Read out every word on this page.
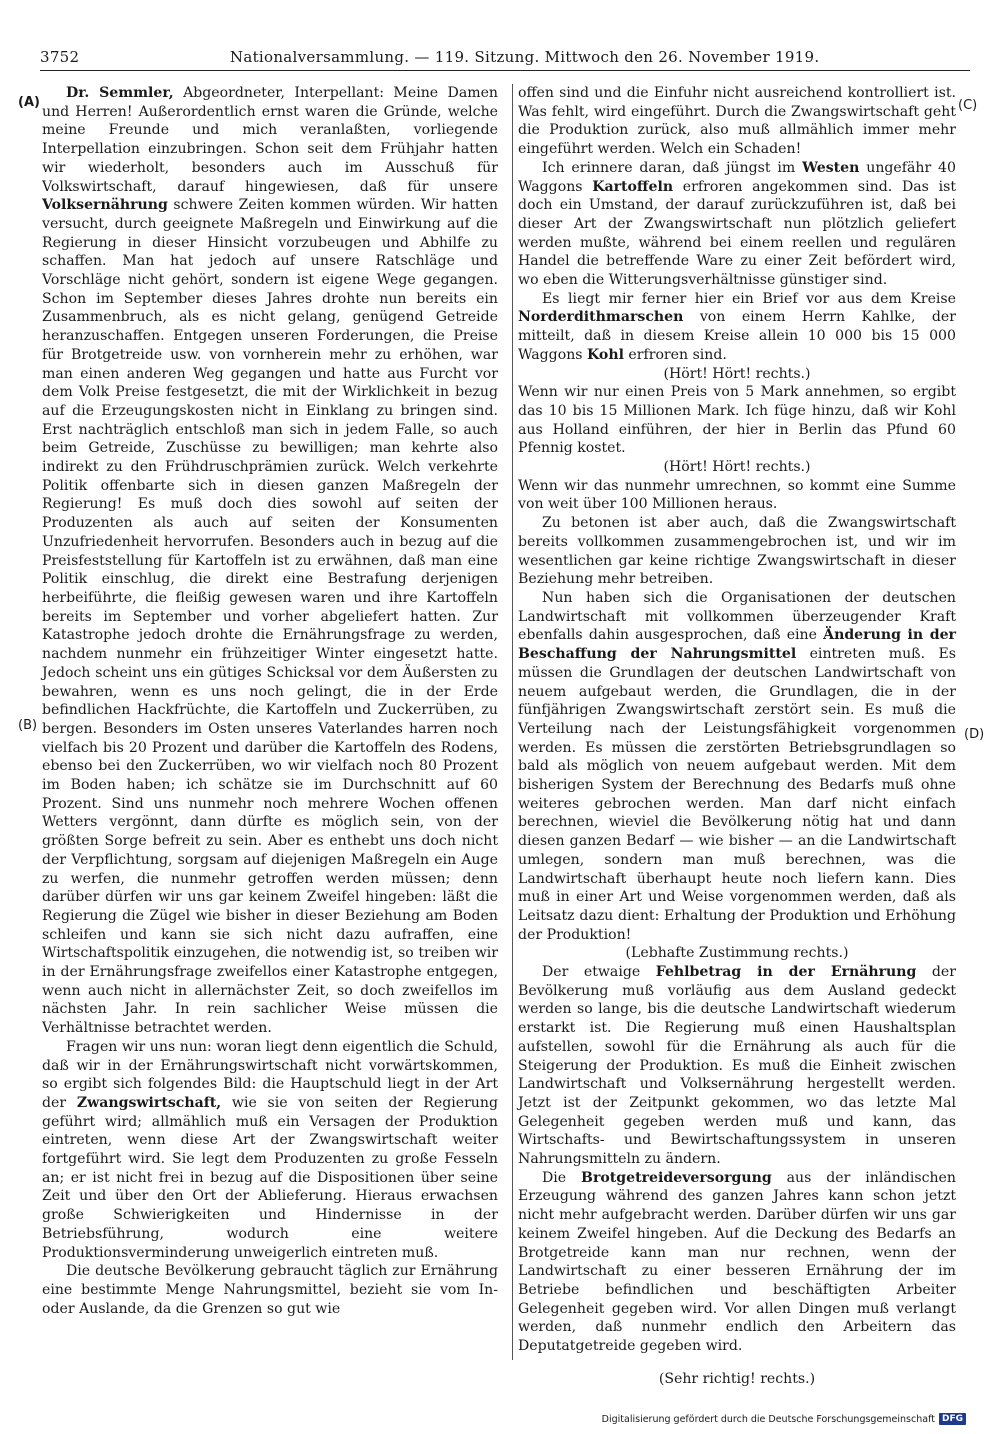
3752	Nationalversammlung. — 119. Sitzung. Mittwoch den 26. November 1919.
(A)
(B)
(C)
(D)

Dr. Semmler, Abgeordneter, Interpellant: Meine Damen und Herren! Außerordentlich ernst waren die Gründe, welche meine Freunde und mich veranlaßten, vorliegende Interpellation einzubringen. Schon seit dem Frühjahr hatten wir wiederholt, besonders auch im Ausschuß für Volkswirtschaft, darauf hingewiesen, daß für unsere Volksernährung schwere Zeiten kommen würden. Wir hatten versucht, durch geeignete Maßregeln und Einwirkung auf die Regierung in dieser Hinsicht vorzubeugen und Abhilfe zu schaffen. Man hat jedoch auf unsere Ratschläge und Vorschläge nicht gehört, sondern ist eigene Wege gegangen. Schon im September dieses Jahres drohte nun bereits ein Zusammenbruch, als es nicht gelang, genügend Getreide heranzuschaffen. Entgegen unseren Forderungen, die Preise für Brotgetreide usw. von vornherein mehr zu erhöhen, war man einen anderen Weg gegangen und hatte aus Furcht vor dem Volk Preise festgesetzt, die mit der Wirklichkeit in bezug auf die Erzeugungskosten nicht in Einklang zu bringen sind. Erst nachträglich entschloß man sich in jedem Falle, so auch beim Getreide, Zuschüsse zu bewilligen; man kehrte also indirekt zu den Frühdruschprämien zurück. Welch verkehrte Politik offenbarte sich in diesen ganzen Maßregeln der Regierung! Es muß doch dies sowohl auf seiten der Produzenten als auch auf seiten der Konsumenten Unzufriedenheit hervorrufen. Besonders auch in bezug auf die Preisfeststellung für Kartoffeln ist zu erwähnen, daß man eine Politik einschlug, die direkt eine Bestrafung derjenigen herbeiführte, die fleißig gewesen waren und ihre Kartoffeln bereits im September und vorher abgeliefert hatten. Zur Katastrophe jedoch drohte die Ernährungsfrage zu werden, nachdem nunmehr ein frühzeitiger Winter eingesetzt hatte. Jedoch scheint uns ein gütiges Schicksal vor dem Äußersten zu bewahren, wenn es uns noch gelingt, die in der Erde befindlichen Hackfrüchte, die Kartoffeln und Zuckerrüben, zu bergen. Besonders im Osten unseres Vaterlandes harren noch vielfach bis 20 Prozent und darüber die Kartoffeln des Rodens, ebenso bei den Zuckerrüben, wo wir vielfach noch 80 Prozent im Boden haben; ich schätze sie im Durchschnitt auf 60 Prozent. Sind uns nunmehr noch mehrere Wochen offenen Wetters vergönnt, dann dürfte es möglich sein, von der größten Sorge befreit zu sein. Aber es enthebt uns doch nicht der Verpflichtung, sorgsam auf diejenigen Maßregeln ein Auge zu werfen, die nunmehr getroffen werden müssen; denn darüber dürfen wir uns gar keinem Zweifel hingeben: läßt die Regierung die Zügel wie bisher in dieser Beziehung am Boden schleifen und kann sie sich nicht dazu aufraffen, eine Wirtschaftspolitik einzugehen, die notwendig ist, so treiben wir in der Ernährungsfrage zweifellos einer Katastrophe entgegen, wenn auch nicht in allernächster Zeit, so doch zweifellos im nächsten Jahr. In rein sachlicher Weise müssen die Verhältnisse betrachtet werden.

Fragen wir uns nun: woran liegt denn eigentlich die Schuld, daß wir in der Ernährungswirtschaft nicht vorwärtskommen, so ergibt sich folgendes Bild: die Hauptschuld liegt in der Art der Zwangswirtschaft, wie sie von seiten der Regierung geführt wird; allmählich muß ein Versagen der Produktion eintreten, wenn diese Art der Zwangswirtschaft weiter fortgeführt wird. Sie legt dem Produzenten zu große Fesseln an; er ist nicht frei in bezug auf die Dispositionen über seine Zeit und über den Ort der Ablieferung. Hieraus erwachsen große Schwierigkeiten und Hindernisse in der Betriebsführung, wodurch eine weitere Produktionsverminderung unweigerlich eintreten muß.

Die deutsche Bevölkerung gebraucht täglich zur Ernährung eine bestimmte Menge Nahrungsmittel, bezieht sie vom In- oder Auslande, da die Grenzen so gut wie

offen sind und die Einfuhr nicht ausreichend kontrolliert ist. Was fehlt, wird eingeführt. Durch die Zwangswirtschaft geht die Produktion zurück, also muß allmählich immer mehr eingeführt werden. Welch ein Schaden!

Ich erinnere daran, daß jüngst im Westen ungefähr 40 Waggons Kartoffeln erfroren angekommen sind. Das ist doch ein Umstand, der darauf zurückzuführen ist, daß bei dieser Art der Zwangswirtschaft nun plötzlich geliefert werden mußte, während bei einem reellen und regulären Handel die betreffende Ware zu einer Zeit befördert wird, wo eben die Witterungsverhältnisse günstiger sind.

Es liegt mir ferner hier ein Brief vor aus dem Kreise Norderdithmarschen von einem Herrn Kahlke, der mitteilt, daß in diesem Kreise allein 10 000 bis 15 000 Waggons Kohl erfroren sind.

(Hört! Hört! rechts.)

Wenn wir nur einen Preis von 5 Mark annehmen, so ergibt das 10 bis 15 Millionen Mark. Ich füge hinzu, daß wir Kohl aus Holland einführen, der hier in Berlin das Pfund 60 Pfennig kostet.

(Hört! Hört! rechts.)

Wenn wir das nunmehr umrechnen, so kommt eine Summe von weit über 100 Millionen heraus.

Zu betonen ist aber auch, daß die Zwangswirtschaft bereits vollkommen zusammengebrochen ist, und wir im wesentlichen gar keine richtige Zwangswirtschaft in dieser Beziehung mehr betreiben.

Nun haben sich die Organisationen der deutschen Landwirtschaft mit vollkommen überzeugender Kraft ebenfalls dahin ausgesprochen, daß eine Änderung in der Beschaffung der Nahrungsmittel eintreten muß. Es müssen die Grundlagen der deutschen Landwirtschaft von neuem aufgebaut werden, die Grundlagen, die in der fünfjährigen Zwangswirtschaft zerstört sein. Es muß die Verteilung nach der Leistungsfähigkeit vorgenommen werden. Es müssen die zerstörten Betriebsgrundlagen so bald als möglich von neuem aufgebaut werden. Mit dem bisherigen System der Berechnung des Bedarfs muß ohne weiteres gebrochen werden. Man darf nicht einfach berechnen, wieviel die Bevölkerung nötig hat und dann diesen ganzen Bedarf — wie bisher — an die Landwirtschaft umlegen, sondern man muß berechnen, was die Landwirtschaft überhaupt heute noch liefern kann. Dies muß in einer Art und Weise vorgenommen werden, daß als Leitsatz dazu dient: Erhaltung der Produktion und Erhöhung der Produktion!

(Lebhafte Zustimmung rechts.)

Der etwaige Fehlbetrag in der Ernährung der Bevölkerung muß vorläufig aus dem Ausland gedeckt werden so lange, bis die deutsche Landwirtschaft wiederum erstarkt ist. Die Regierung muß einen Haushaltsplan aufstellen, sowohl für die Ernährung als auch für die Steigerung der Produktion. Es muß die Einheit zwischen Landwirtschaft und Volksernährung hergestellt werden. Jetzt ist der Zeitpunkt gekommen, wo das letzte Mal Gelegenheit gegeben werden muß und kann, das Wirtschafts- und Bewirtschaftungssystem in unseren Nahrungsmitteln zu ändern.

Die Brotgetreideversorgung aus der inländischen Erzeugung während des ganzen Jahres kann schon jetzt nicht mehr aufgebracht werden. Darüber dürfen wir uns gar keinem Zweifel hingeben. Auf die Deckung des Bedarfs an Brotgetreide kann man nur rechnen, wenn der Landwirtschaft zu einer besseren Ernährung der im Betriebe befindlichen und beschäftigten Arbeiter Gelegenheit gegeben wird. Vor allen Dingen muß verlangt werden, daß nunmehr endlich den Arbeitern das Deputatgetreide gegeben wird.

(Sehr richtig! rechts.)

Digitalisierung gefördert durch die Deutsche Forschungsgemeinschaft DFG
